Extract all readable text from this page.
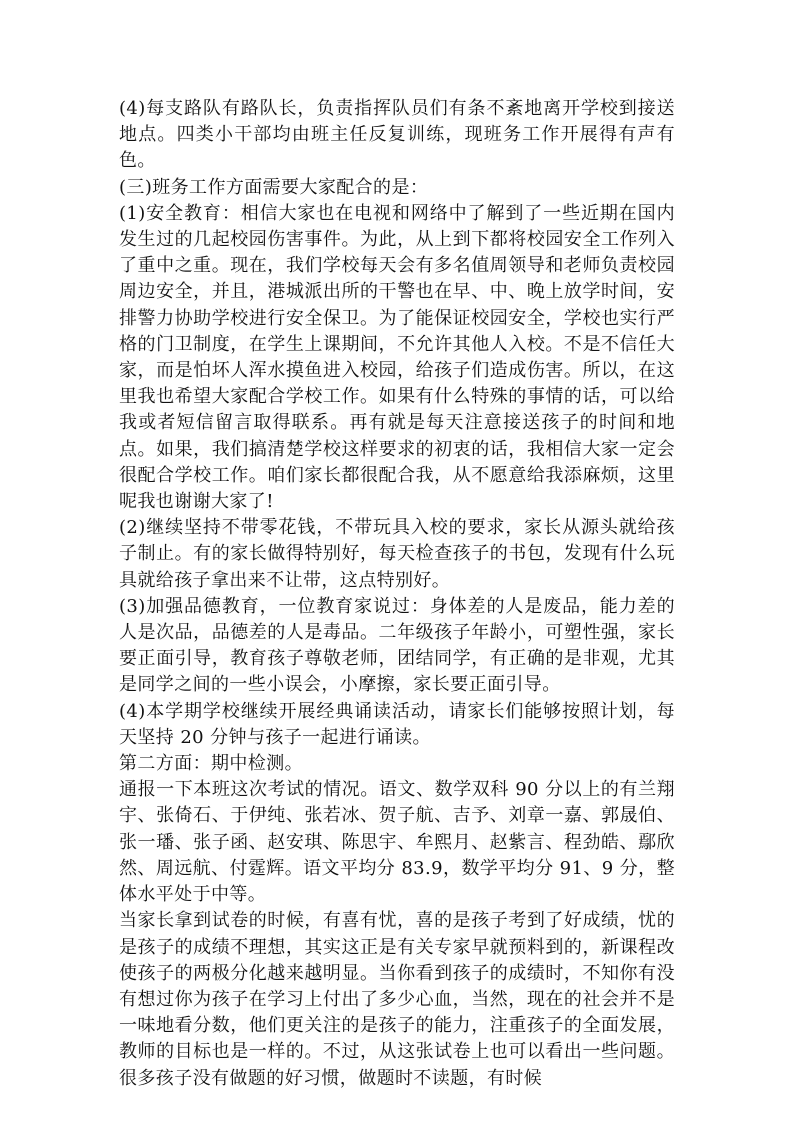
(4)每支路队有路队长，负责指挥队员们有条不紊地离开学校到接送地点。四类小干部均由班主任反复训练，现班务工作开展得有声有色。

(三)班务工作方面需要大家配合的是：

(1)安全教育：相信大家也在电视和网络中了解到了一些近期在国内发生过的几起校园伤害事件。为此，从上到下都将校园安全工作列入了重中之重。现在，我们学校每天会有多名值周领导和老师负责校园周边安全，并且，港城派出所的干警也在早、中、晚上放学时间，安排警力协助学校进行安全保卫。为了能保证校园安全，学校也实行严格的门卫制度，在学生上课期间，不允许其他人入校。不是不信任大家，而是怕坏人浑水摸鱼进入校园，给孩子们造成伤害。所以，在这里我也希望大家配合学校工作。如果有什么特殊的事情的话，可以给我或者短信留言取得联系。再有就是每天注意接送孩子的时间和地点。如果，我们搞清楚学校这样要求的初衷的话，我相信大家一定会很配合学校工作。咱们家长都很配合我，从不愿意给我添麻烦，这里呢我也谢谢大家了!

(2)继续坚持不带零花钱，不带玩具入校的要求，家长从源头就给孩子制止。有的家长做得特别好，每天检查孩子的书包，发现有什么玩具就给孩子拿出来不让带，这点特别好。

(3)加强品德教育，一位教育家说过：身体差的人是废品，能力差的人是次品，品德差的人是毒品。二年级孩子年龄小，可塑性强，家长要正面引导，教育孩子尊敬老师，团结同学，有正确的是非观，尤其是同学之间的一些小误会，小摩擦，家长要正面引导。

(4)本学期学校继续开展经典诵读活动，请家长们能够按照计划，每天坚持 20 分钟与孩子一起进行诵读。

第二方面：期中检测。

通报一下本班这次考试的情况。语文、数学双科 90 分以上的有兰翔宇、张倚石、于伊纯、张若冰、贺子航、吉予、刘章一嘉、郭晟伯、张一璠、张子函、赵安琪、陈思宇、牟熙月、赵紫言、程劲皓、鄢欣然、周远航、付霆辉。语文平均分 83.9，数学平均分 91、9 分，整体水平处于中等。

当家长拿到试卷的时候，有喜有忧，喜的是孩子考到了好成绩，忧的是孩子的成绩不理想，其实这正是有关专家早就预料到的，新课程改使孩子的两极分化越来越明显。当你看到孩子的成绩时，不知你有没有想过你为孩子在学习上付出了多少心血，当然，现在的社会并不是一味地看分数，他们更关注的是孩子的能力，注重孩子的全面发展，教师的目标也是一样的。不过，从这张试卷上也可以看出一些问题。很多孩子没有做题的好习惯，做题时不读题，有时候
